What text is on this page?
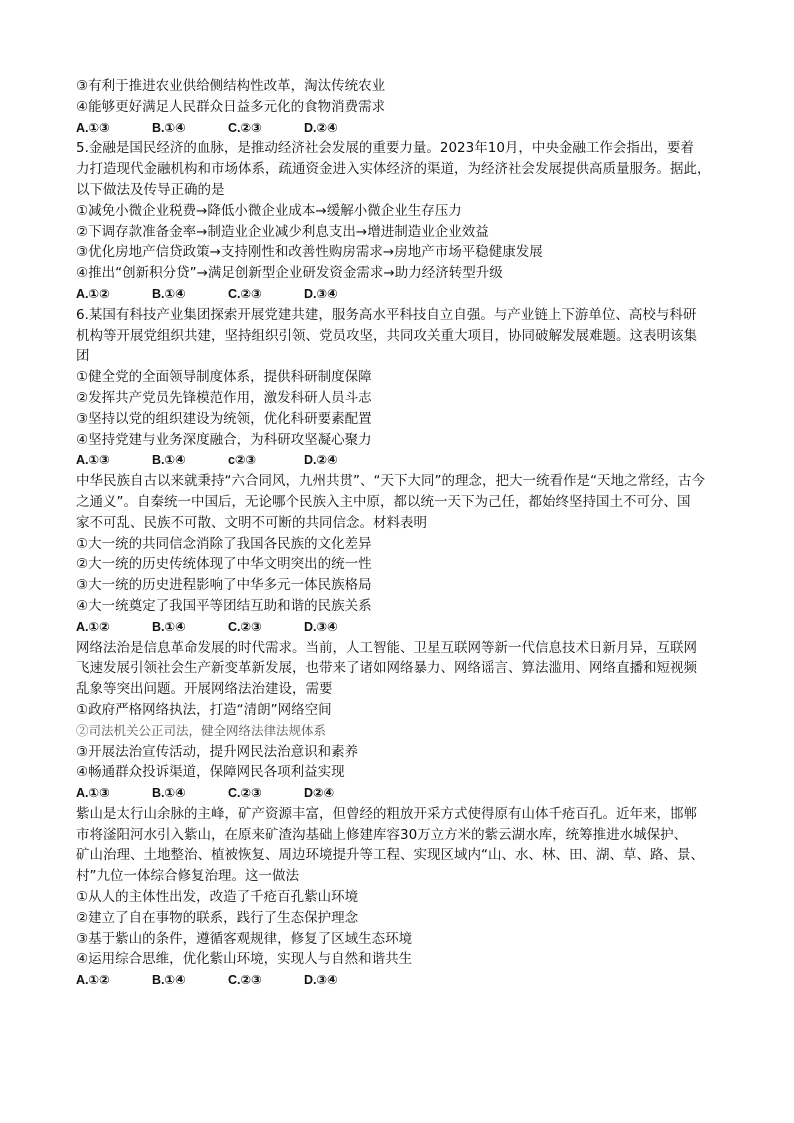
③有利于推进农业供给侧结构性改革，淘汰传统农业
④能够更好满足人民群众日益多元化的食物消费需求
A.①③	B.①④	C.②③	D.②④
5.金融是国民经济的血脉，是推动经济社会发展的重要力量。2023年10月，中央金融工作会指出，要着
力打造现代金融机构和市场体系，疏通资金进入实体经济的渠道，为经济社会发展提供高质量服务。据此，
以下做法及传导正确的是
①减免小微企业税费→降低小微企业成本→缓解小微企业生存压力
②下调存款准备金率→制造业企业减少利息支出→增进制造业企业效益
③优化房地产信贷政策→支持刚性和改善性购房需求→房地产市场平稳健康发展
④推出“创新积分贷”→满足创新型企业研发资金需求→助力经济转型升级
A.①②	B.①④	C.②③	D.③④
6.某国有科技产业集团探索开展党建共建，服务高水平科技自立自强。与产业链上下游单位、高校与科研
机构等开展党组织共建，坚持组织引领、党员攻坚，共同攻关重大项目，协同破解发展难题。这表明该集
团
①健全党的全面领导制度体系，提供科研制度保障
②发挥共产党员先锋模范作用，激发科研人员斗志
③坚持以党的组织建设为统领，优化科研要素配置
④坚持党建与业务深度融合，为科研攻坚凝心聚力
A.①③	B.①④	c②③	D.②④
中华民族自古以来就秉持“六合同风，九州共贯”、“天下大同”的理念，把大一统看作是“天地之常经，古今
之通义”。自秦统一中国后，无论哪个民族入主中原，都以统一天下为己任，都始终坚持国土不可分、国
家不可乱、民族不可散、文明不可断的共同信念。材料表明
①大一统的共同信念消除了我国各民族的文化差异
②大一统的历史传统体现了中华文明突出的统一性
③大一统的历史进程影响了中华多元一体民族格局
④大一统奠定了我国平等团结互助和谐的民族关系
A.①②	B.①④	C.②③	D.③④
网络法治是信息革命发展的时代需求。当前，人工智能、卫星互联网等新一代信息技术日新月异，互联网
飞速发展引领社会生产新变革新发展，也带来了诸如网络暴力、网络谣言、算法滥用、网络直播和短视频
乱象等突出问题。开展网络法治建设，需要
①政府严格网络执法，打造“清朗”网络空间
②司法机关公正司法，健全网络法律法规体系
③开展法治宣传活动，提升网民法治意识和素养
④畅通群众投诉渠道，保障网民各项利益实现
A.①③	B.①④	C.②③	D②④
紫山是太行山余脉的主峰，矿产资源丰富，但曾经的粗放开采方式使得原有山体千疮百孔。近年来，邯郸
市将滏阳河水引入紫山，在原来矿渣沟基础上修建库容30万立方米的紫云湖水库，统筹推进水城保护、
矿山治理、土地整治、植被恢复、周边环境提升等工程、实现区域内“山、水、林、田、湖、草、路、景、
村”九位一体综合修复治理。这一做法
①从人的主体性出发，改造了千疮百孔紫山环境
②建立了自在事物的联系，践行了生态保护理念
③基于紫山的条件，遵循客观规律，修复了区域生态环境
④运用综合思维，优化紫山环境，实现人与自然和谐共生
A.①②	B.①④	C.②③	D.③④
